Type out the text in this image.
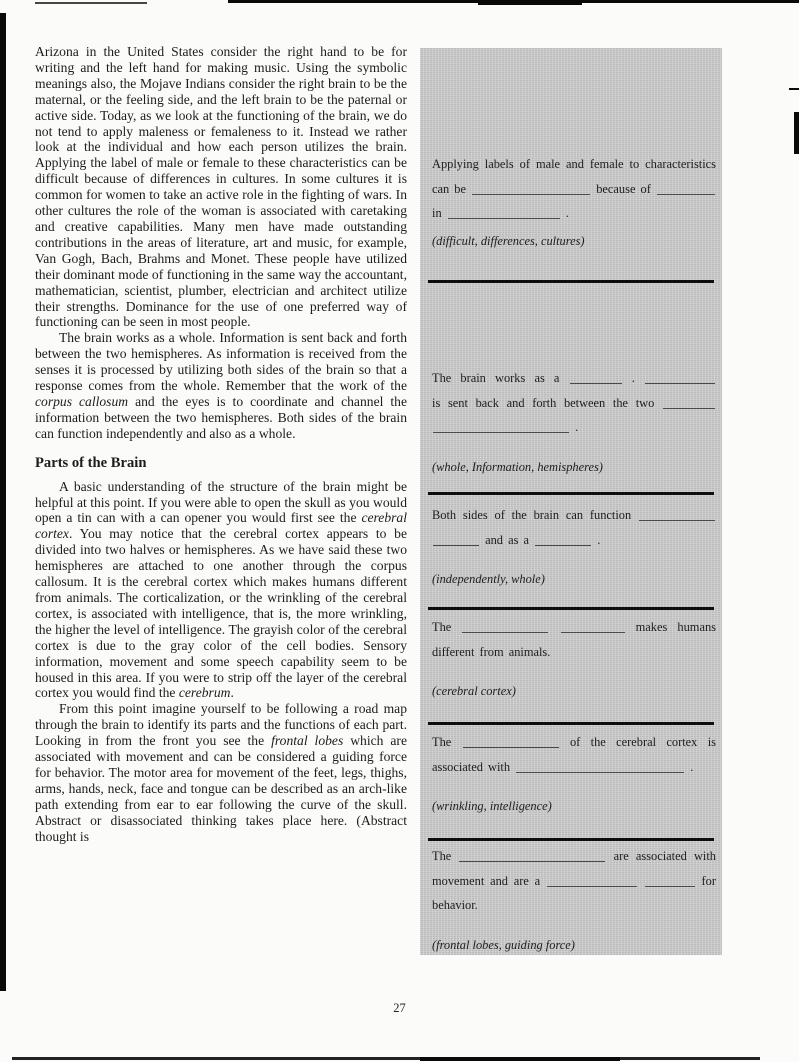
Arizona in the United States consider the right hand to be for writing and the left hand for making music. Using the symbolic meanings also, the Mojave Indians consider the right brain to be the maternal, or the feeling side, and the left brain to be the paternal or active side. Today, as we look at the functioning of the brain, we do not tend to apply maleness or femaleness to it. Instead we rather look at the individual and how each person utilizes the brain. Applying the label of male or female to these characteristics can be difficult because of differences in cultures. In some cultures it is common for women to take an active role in the fighting of wars. In other cultures the role of the woman is associated with caretaking and creative capabilities. Many men have made outstanding contributions in the areas of literature, art and music, for example, Van Gogh, Bach, Brahms and Monet. These people have utilized their dominant mode of functioning in the same way the accountant, mathematician, scientist, plumber, electrician and architect utilize their strengths. Dominance for the use of one preferred way of functioning can be seen in most people.

The brain works as a whole. Information is sent back and forth between the two hemispheres. As information is received from the senses it is processed by utilizing both sides of the brain so that a response comes from the whole. Remember that the work of the corpus callosum and the eyes is to coordinate and channel the information between the two hemispheres. Both sides of the brain can function independently and also as a whole.

Parts of the Brain

A basic understanding of the structure of the brain might be helpful at this point. If you were able to open the skull as you would open a tin can with a can opener you would first see the cerebral cortex. You may notice that the cerebral cortex appears to be divided into two halves or hemispheres. As we have said these two hemispheres are attached to one another through the corpus callosum. It is the cerebral cortex which makes humans different from animals. The corticalization, or the wrinkling of the cerebral cortex, is associated with intelligence, that is, the more wrinkling, the higher the level of intelligence. The grayish color of the cerebral cortex is due to the gray color of the cell bodies. Sensory information, movement and some speech capability seem to be housed in this area. If you were to strip off the layer of the cerebral cortex you would find the cerebrum.

From this point imagine yourself to be following a road map through the brain to identify its parts and the functions of each part. Looking in from the front you see the frontal lobes which are associated with movement and can be considered a guiding force for behavior. The motor area for movement of the feet, legs, thighs, arms, hands, neck, face and tongue can be described as an arch-like path extending from ear to ear following the curve of the skull. Abstract or disassociated thinking takes place here. (Abstract thought is

Applying labels of male and female to characteristics
can be	because of
in	.
(difficult, differences, cultures)
The brain works as a	.
is sent back and forth between the two
.
(whole, Information, hemispheres)
Both sides of the brain can function
and as a	.
(independently, whole)
The	makes humans
different from animals.
(cerebral cortex)
The	of the cerebral cortex is
associated with	.
(wrinkling, intelligence)
The	are associated with
movement and are a	for
behavior.
(frontal lobes, guiding force)
27
